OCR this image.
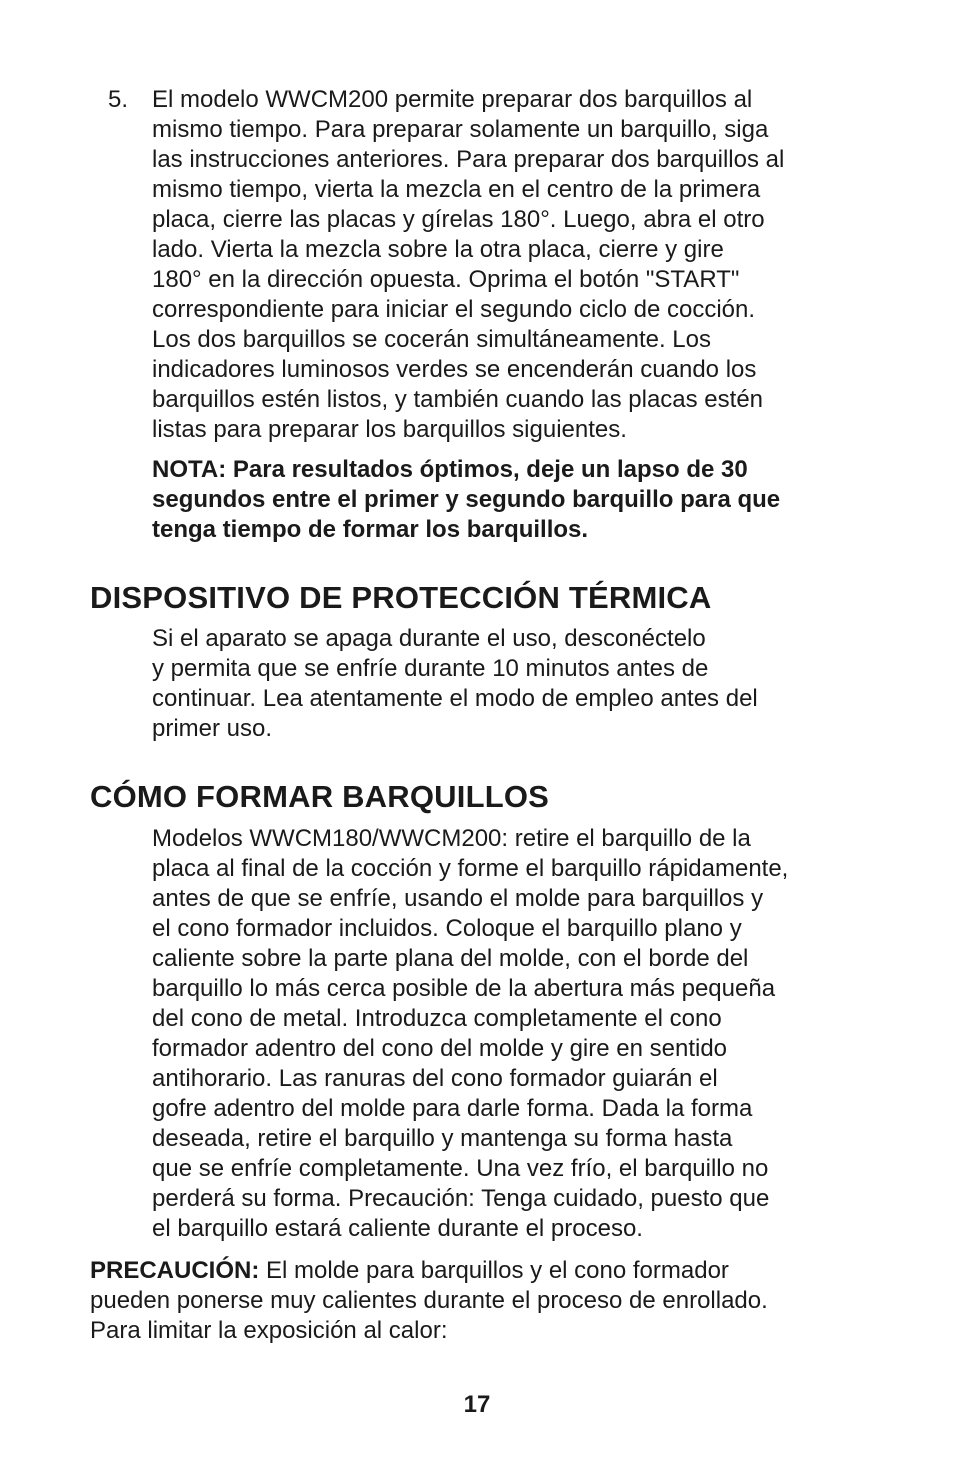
5. El modelo WWCM200 permite preparar dos barquillos al
mismo tiempo. Para preparar solamente un barquillo, siga
las instrucciones anteriores. Para preparar dos barquillos al
mismo tiempo, vierta la mezcla en el centro de la primera
placa, cierre las placas y gírelas 180°. Luego, abra el otro
lado. Vierta la mezcla sobre la otra placa, cierre y gire
180° en la dirección opuesta. Oprima el botón "START"
correspondiente para iniciar el segundo ciclo de cocción.
Los dos barquillos se cocerán simultáneamente. Los
indicadores luminosos verdes se encenderán cuando los
barquillos estén listos, y también cuando las placas estén
listas para preparar los barquillos siguientes.
NOTA: Para resultados óptimos, deje un lapso de 30
segundos entre el primer y segundo barquillo para que
tenga tiempo de formar los barquillos.
DISPOSITIVO DE PROTECCIÓN TÉRMICA
Si el aparato se apaga durante el uso, desconéctelo
y permita que se enfríe durante 10 minutos antes de
continuar. Lea atentamente el modo de empleo antes del
primer uso.
CÓMO FORMAR BARQUILLOS
Modelos WWCM180/WWCM200: retire el barquillo de la
placa al final de la cocción y forme el barquillo rápidamente,
antes de que se enfríe, usando el molde para barquillos y
el cono formador incluidos. Coloque el barquillo plano y
caliente sobre la parte plana del molde, con el borde del
barquillo lo más cerca posible de la abertura más pequeña
del cono de metal. Introduzca completamente el cono
formador adentro del cono del molde y gire en sentido
antihorario. Las ranuras del cono formador guiarán el
gofre adentro del molde para darle forma. Dada la forma
deseada, retire el barquillo y mantenga su forma hasta
que se enfríe completamente. Una vez frío, el barquillo no
perderá su forma. Precaución: Tenga cuidado, puesto que
el barquillo estará caliente durante el proceso.
PRECAUCIÓN: El molde para barquillos y el cono formador
pueden ponerse muy calientes durante el proceso de enrollado.
Para limitar la exposición al calor:
17
